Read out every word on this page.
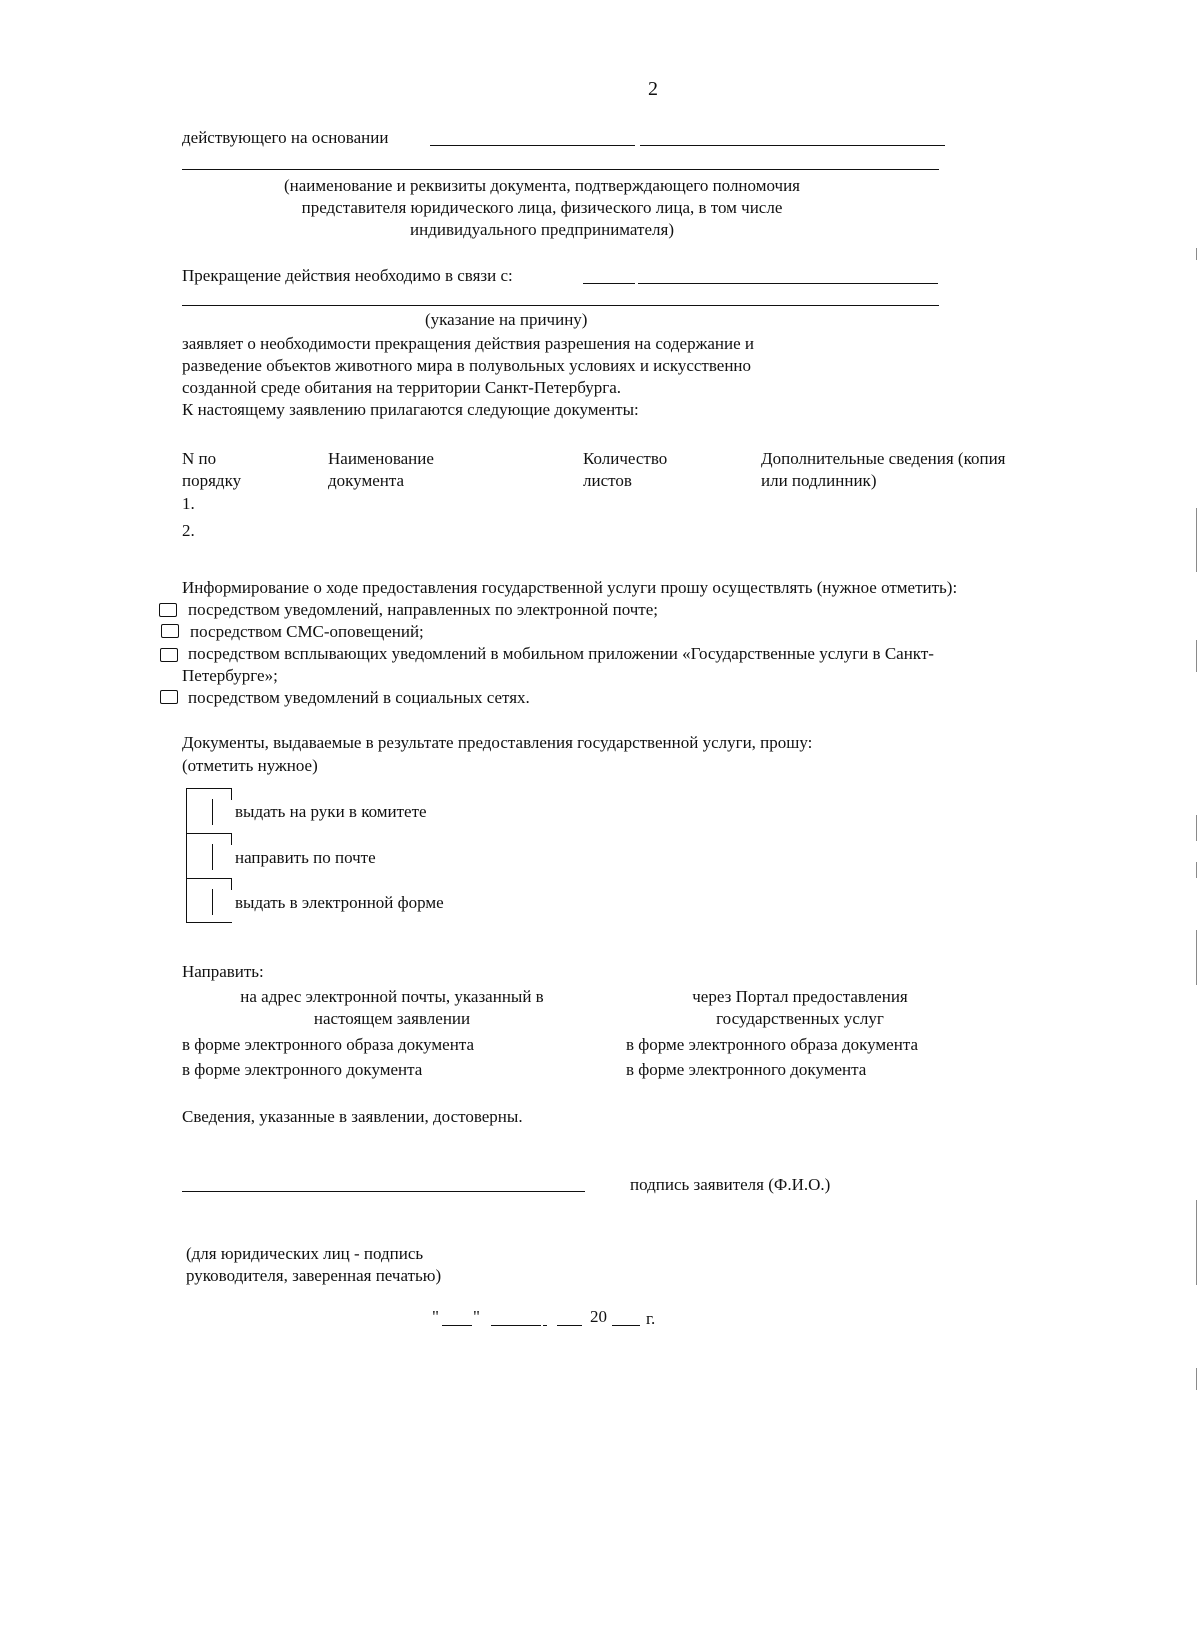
2
действующего на основании
(наименование и реквизиты документа, подтверждающего полномочия
представителя юридического лица, физического лица, в том числе
индивидуального предпринимателя)
Прекращение действия необходимо в связи с:
(указание на причину)
заявляет о необходимости прекращения действия разрешения на содержание и
разведение объектов животного мира в полувольных условиях и искусственно
созданной среде обитания на территории Санкт-Петербурга.
К настоящему заявлению прилагаются следующие документы:
N по
порядку
Наименование
документа
Количество
листов
Дополнительные сведения (копия
или подлинник)
1.
2.
Информирование о ходе предоставления государственной услуги прошу осуществлять (нужное отметить):
посредством уведомлений, направленных по электронной почте;
посредством СМС-оповещений;
посредством всплывающих уведомлений в мобильном приложении «Государственные услуги в Санкт-
Петербурге»;
посредством уведомлений в социальных сетях.
Документы, выдаваемые в результате предоставления государственной услуги, прошу:
(отметить нужное)
выдать на руки в комитете
направить по почте
выдать в электронной форме
Направить:
на адрес электронной почты, указанный в
настоящем заявлении
через Портал предоставления
государственных услуг
в форме электронного образа документа
в форме электронного документа
в форме электронного образа документа
в форме электронного документа
Сведения, указанные в заявлении, достоверны.
подпись заявителя (Ф.И.О.)
(для юридических лиц - подпись
руководителя, заверенная печатью)
" "	20 г.
